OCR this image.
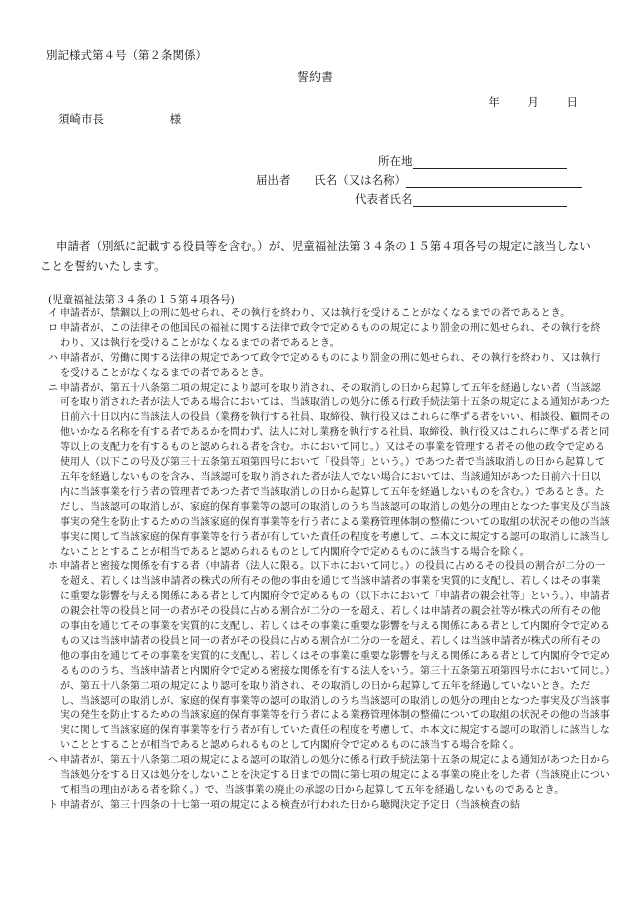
別記様式第４号（第２条関係）
誓約書
年 月 日
須崎市長	様
所在地
届出者 氏名（又は名称）
代表者氏名
申請者（別紙に記載する役員等を含む。）が、児童福祉法第３４条の１５第４項各号の規定に該当しないことを誓約いたします。
(児童福祉法第３４条の１５第４項各号)
イ 申請者が、禁錮以上の刑に処せられ、その執行を終わり、又は執行を受けることがなくなるまでの者であるとき。
ロ 申請者が、この法律その他国民の福祉に関する法律で政令で定めるものの規定により罰金の刑に処せられ、その執行を終わり、又は執行を受けることがなくなるまでの者であるとき。
ハ 申請者が、労働に関する法律の規定であつて政令で定めるものにより罰金の刑に処せられ、その執行を終わり、又は執行を受けることがなくなるまでの者であるとき。
ニ 申請者が、第五十八条第二項の規定により認可を取り消され、その取消しの日から起算して五年を経過しない者（当該認可を取り消された者が法人である場合においては、当該取消しの処分に係る行政手続法第十五条の規定による通知があつた日前六十日以内に当該法人の役員（業務を執行する社員、取締役、執行役又はこれらに準ずる者をいい、相談役、顧問その他いかなる名称を有する者であるかを問わず、法人に対し業務を執行する社員、取締役、執行役又はこれらに準ずる者と同等以上の支配力を有するものと認められる者を含む。ホにおいて同じ。）又はその事業を管理する者その他の政令で定める使用人（以下この号及び第三十五条第五項第四号において「役員等」という。）であつた者で当該取消しの日から起算して五年を経過しないものを含み、当該認可を取り消された者が法人でない場合においては、当該通知があつた日前六十日以内に当該事業を行う者の管理者であつた者で当該取消しの日から起算して五年を経過しないものを含む。）であるとき。ただし、当該認可の取消しが、家庭的保育事業等の認可の取消しのうち当該認可の取消しの処分の理由となつた事実及び当該事実の発生を防止するための当該家庭的保育事業等を行う者による業務管理体制の整備についての取組の状況その他の当該事実に関して当該家庭的保育事業等を行う者が有していた責任の程度を考慮して、ニ本文に規定する認可の取消しに該当しないこととすることが相当であると認められるものとして内閣府令で定めるものに該当する場合を除く。
ホ 申請者と密接な関係を有する者（申請者（法人に限る。以下ホにおいて同じ。）の役員に占めるその役員の割合が二分の一を超え、若しくは当該申請者の株式の所有その他の事由を通じて当該申請者の事業を実質的に支配し、若しくはその事業に重要な影響を与える関係にある者として内閣府令で定めるもの（以下ホにおいて「申請者の親会社等」という。）、申請者の親会社等の役員と同一の者がその役員に占める割合が二分の一を超え、若しくは申請者の親会社等が株式の所有その他の事由を通じてその事業を実質的に支配し、若しくはその事業に重要な影響を与える関係にある者として内閣府令で定めるもの又は当該申請者の役員と同一の者がその役員に占める割合が二分の一を超え、若しくは当該申請者が株式の所有その他の事由を通じてその事業を実質的に支配し、若しくはその事業に重要な影響を与える関係にある者として内閣府令で定めるもののうち、当該申請者と内閣府令で定める密接な関係を有する法人をいう。第三十五条第五項第四号ホにおいて同じ。）が、第五十八条第二項の規定により認可を取り消され、その取消しの日から起算して五年を経過していないとき。ただし、当該認可の取消しが、家庭的保育事業等の認可の取消しのうち当該認可の取消しの処分の理由となつた事実及び当該事実の発生を防止するための当該家庭的保育事業等を行う者による業務管理体制の整備についての取組の状況その他の当該事実に関して当該家庭的保育事業等を行う者が有していた責任の程度を考慮して、ホ本文に規定する認可の取消しに該当しないこととすることが相当であると認められるものとして内閣府令で定めるものに該当する場合を除く。
ヘ 申請者が、第五十八条第二項の規定による認可の取消しの処分に係る行政手続法第十五条の規定による通知があつた日から当該処分をする日又は処分をしないことを決定する日までの間に第七項の規定による事業の廃止をした者（当該廃止について相当の理由がある者を除く。）で、当該事業の廃止の承認の日から起算して五年を経過しないものであるとき。
ト 申請者が、第三十四条の十七第一項の規定による検査が行われた日から聴聞決定予定日（当該検査の結
